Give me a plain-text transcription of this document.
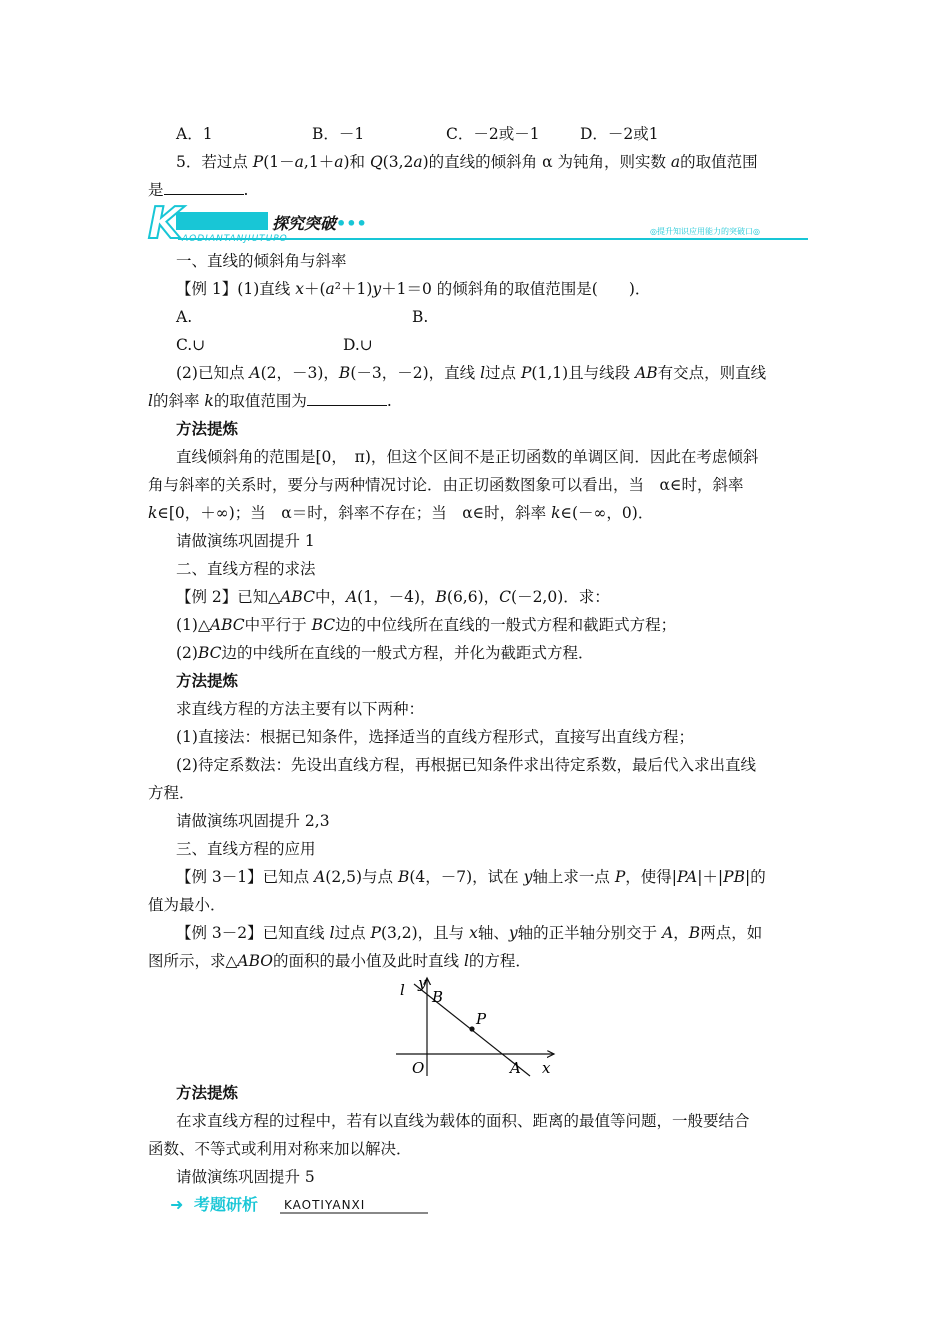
A．1	B．－1	C．－2或－1	D．－2或1
5．若过点 P(1－a,1＋a)和 Q(3,2a)的直线的倾斜角 α 为钝角，则实数 a的取值范围
是	.
K	探究突破•••
AODIANTANJIUTUPO
◎提升知识应用能力的突破口◎
一、直线的倾斜角与斜率
【例 1】(1)直线 x＋(a²＋1)y＋1＝0 的倾斜角的取值范围是(　　)．
A.	B.
C.∪	D.∪
(2)已知点 A(2，－3)，B(－3，－2)，直线 l过点 P(1,1)且与线段 AB有交点，则直线
l的斜率 k的取值范围为	.
方法提炼
直线倾斜角的范围是[0，　π)，但这个区间不是正切函数的单调区间．因此在考虑倾斜
角与斜率的关系时，要分与两种情况讨论．由正切函数图象可以看出，当　α∈时，斜率
k∈[0，＋∞)；当　α＝时，斜率不存在；当　α∈时，斜率 k∈(－∞，0)．
请做演练巩固提升 1
二、直线方程的求法
【例 2】已知△ABC中，A(1，－4)，B(6,6)，C(－2,0)．求：
(1)△ABC中平行于 BC边的中位线所在直线的一般式方程和截距式方程；
(2)BC边的中线所在直线的一般式方程，并化为截距式方程．
方法提炼
求直线方程的方法主要有以下两种：
(1)直接法：根据已知条件，选择适当的直线方程形式，直接写出直线方程；
(2)待定系数法：先设出直线方程，再根据已知条件求出待定系数，最后代入求出直线
方程．
请做演练巩固提升 2,3
三、直线方程的应用
【例 3－1】已知点 A(2,5)与点 B(4，－7)，试在 y轴上求一点 P，使得|PA|＋|PB|的
值为最小．
【例 3－2】已知直线 l过点 P(3,2)，且与 x轴、y轴的正半轴分别交于 A，B两点，如
图所示，求△ABO的面积的最小值及此时直线 l的方程．
l y
B
P
O	A x
方法提炼
在求直线方程的过程中，若有以直线为载体的面积、距离的最值等问题，一般要结合
函数、不等式或利用对称来加以解决．
请做演练巩固提升 5
➜ 考题研析 KAOTIYANXI
